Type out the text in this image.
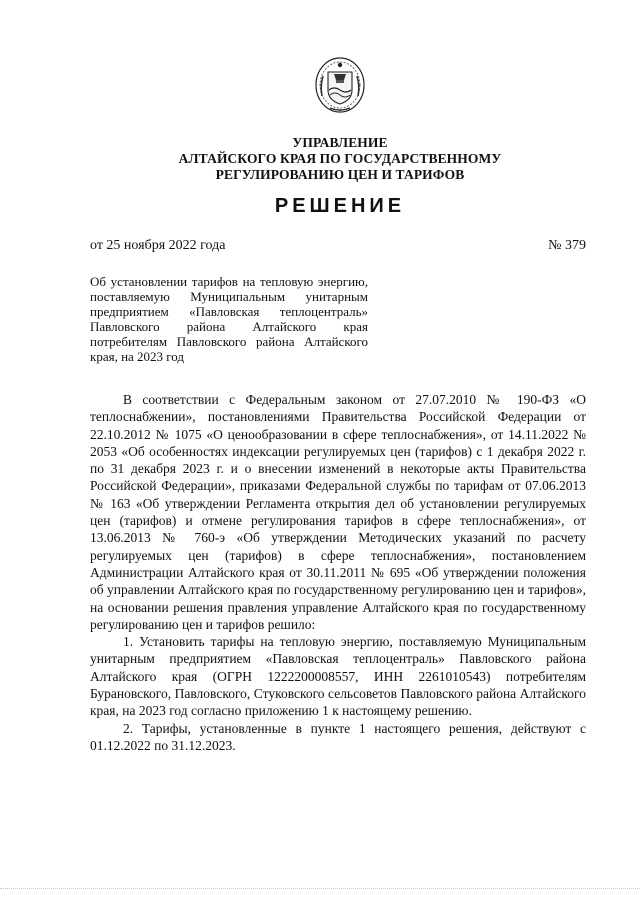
УПРАВЛЕНИЕ
АЛТАЙСКОГО КРАЯ ПО ГОСУДАРСТВЕННОМУ
РЕГУЛИРОВАНИЮ ЦЕН И ТАРИФОВ
РЕШЕНИЕ
от 25 ноября 2022 года	№ 379
Об установлении тарифов на тепловую энергию, поставляемую Муниципальным унитарным предприятием «Павловская теплоцентраль» Павловского района Алтайского края потребителям Павловского района Алтайского края, на 2023 год

В соответствии с Федеральным законом от 27.07.2010 № 190-ФЗ «О теплоснабжении», постановлениями Правительства Российской Федерации от 22.10.2012 № 1075 «О ценообразовании в сфере теплоснабжения», от 14.11.2022 № 2053 «Об особенностях индексации регулируемых цен (тарифов) с 1 декабря 2022 г. по 31 декабря 2023 г. и о внесении изменений в некоторые акты Правительства Российской Федерации», приказами Федеральной службы по тарифам от 07.06.2013 № 163 «Об утверждении Регламента открытия дел об установлении регулируемых цен (тарифов) и отмене регулирования тарифов в сфере теплоснабжения», от 13.06.2013 № 760-э «Об утверждении Методических указаний по расчету регулируемых цен (тарифов) в сфере теплоснабжения», постановлением Администрации Алтайского края от 30.11.2011 № 695 «Об утверждении положения об управлении Алтайского края по государственному регулированию цен и тарифов», на основании решения правления управление Алтайского края по государственному регулированию цен и тарифов решило:

1. Установить тарифы на тепловую энергию, поставляемую Муниципальным унитарным предприятием «Павловская теплоцентраль» Павловского района Алтайского края (ОГРН 1222200008557, ИНН 2261010543) потребителям Бурановского, Павловского, Стуковского сельсоветов Павловского района Алтайского края, на 2023 год согласно приложению 1 к настоящему решению.

2. Тарифы, установленные в пункте 1 настоящего решения, действуют с 01.12.2022 по 31.12.2023.
